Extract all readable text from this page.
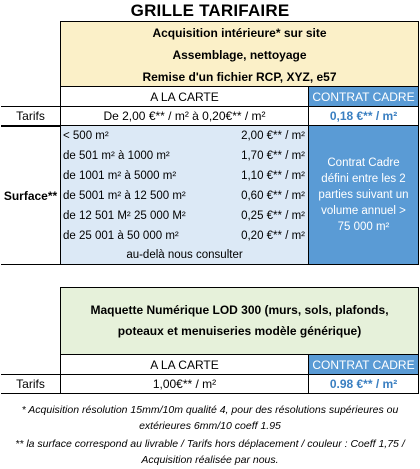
GRILLE TARIFAIRE
Acquisition intérieure* sur site
Assemblage, nettoyage
Remise d'un fichier RCP, XYZ, e57
A LA CARTE	CONTRAT CADRE
Tarifs	De 2,00 €** / m² à 0,20€** / m²	0,18 €** / m²
Surface**
< 500 m²	2,00 €** / m²
de 501 m² à 1000 m²	1,70 €** / m²
de 1001 m² à 5000 m²	1,10 €** / m²
de 5001 m² à 12 500 m²	0,60 €** / m²
de 12 501 M² 25 000 M²	0,25 €** / m²
de 25 001 à 50 000 m²	0,20 €** / m²
au-delà nous consulter
Contrat Cadre défini entre les 2 parties suivant un volume annuel > 75 000 m²
Maquette Numérique LOD 300 (murs, sols, plafonds, poteaux et menuiseries modèle générique)
A LA CARTE	CONTRAT CADRE
Tarifs	1,00€** / m²	0.98 €** / m²
* Acquisition résolution 15mm/10m qualité 4, pour des résolutions supérieures ou extérieures 6mm/10 coeff 1.95
** la surface correspond au livrable / Tarifs hors déplacement / couleur : Coeff 1,75 / Acquisition réalisée par nous.
